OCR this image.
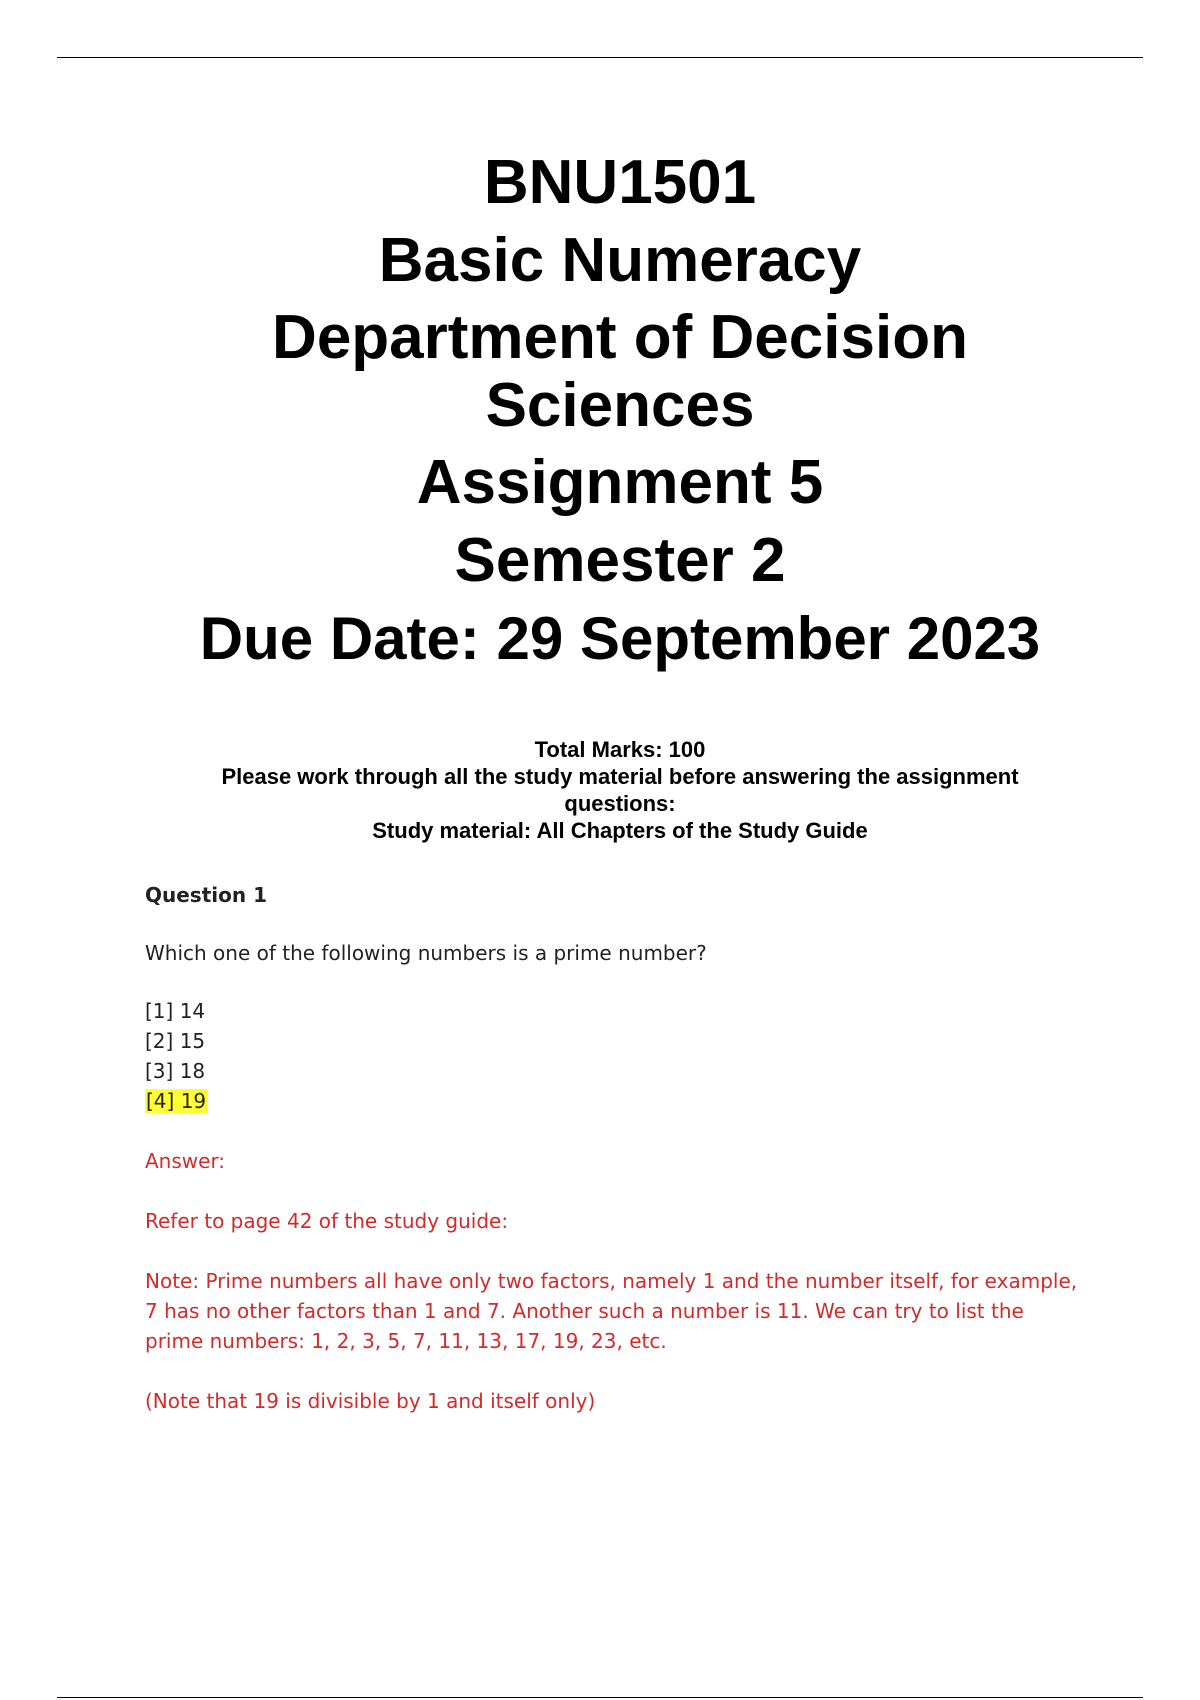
BNU1501
Basic Numeracy
Department of Decision Sciences
Assignment 5
Semester 2
Due Date: 29 September 2023
Total Marks: 100
Please work through all the study material before answering the assignment questions:
Study material: All Chapters of the Study Guide
Question 1
Which one of the following numbers is a prime number?
[1] 14
[2] 15
[3] 18
[4] 19
Answer:
Refer to page 42 of the study guide:
Note: Prime numbers all have only two factors, namely 1 and the number itself, for example, 7 has no other factors than 1 and 7. Another such a number is 11. We can try to list the prime numbers: 1, 2, 3, 5, 7, 11, 13, 17, 19, 23, etc.
(Note that 19 is divisible by 1 and itself only)
